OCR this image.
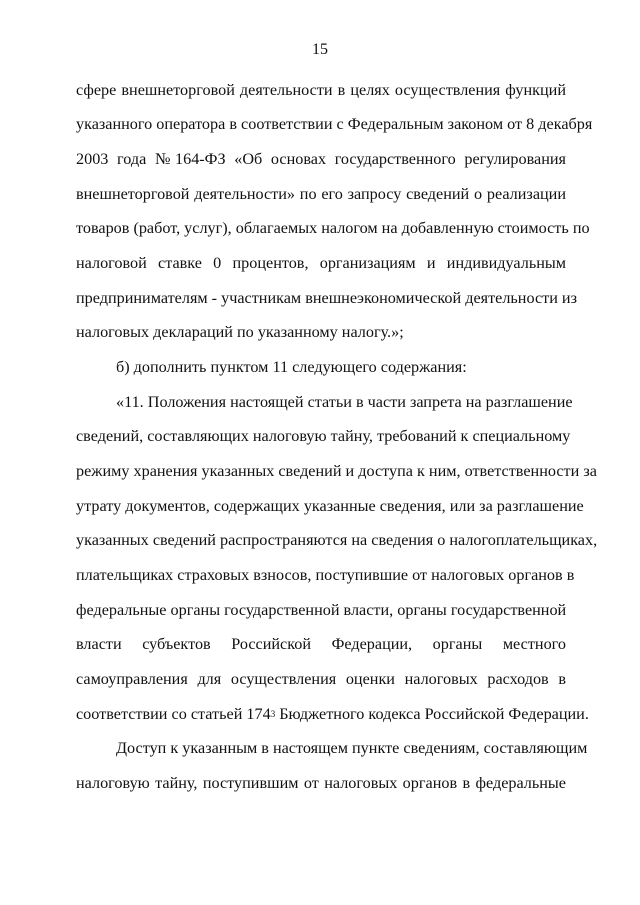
15
сфере внешнеторговой деятельности в целях осуществления функций
указанного оператора в соответствии с Федеральным законом от 8 декабря
2003 года №164-ФЗ «Об основах государственного регулирования
внешнеторговой деятельности» по его запросу сведений о реализации
товаров (работ, услуг), облагаемых налогом на добавленную стоимость по
налоговой ставке 0 процентов, организациям и индивидуальным
предпринимателям - участникам внешнеэкономической деятельности из
налоговых деклараций по указанному налогу.»;
б) дополнить пунктом 11 следующего содержания:
«11. Положения настоящей статьи в части запрета на разглашение
сведений, составляющих налоговую тайну, требований к специальному
режиму хранения указанных сведений и доступа к ним, ответственности за
утрату документов, содержащих указанные сведения, или за разглашение
указанных сведений распространяются на сведения о налогоплательщиках,
плательщиках страховых взносов, поступившие от налоговых органов в
федеральные органы государственной власти, органы государственной
власти субъектов Российской Федерации, органы местного
самоуправления для осуществления оценки налоговых расходов в
соответствии со статьей $174^3$ Бюджетного кодекса Российской Федерации.
Доступ к указанным в настоящем пункте сведениям, составляющим
налоговую тайну, поступившим от налоговых органов в федеральные
